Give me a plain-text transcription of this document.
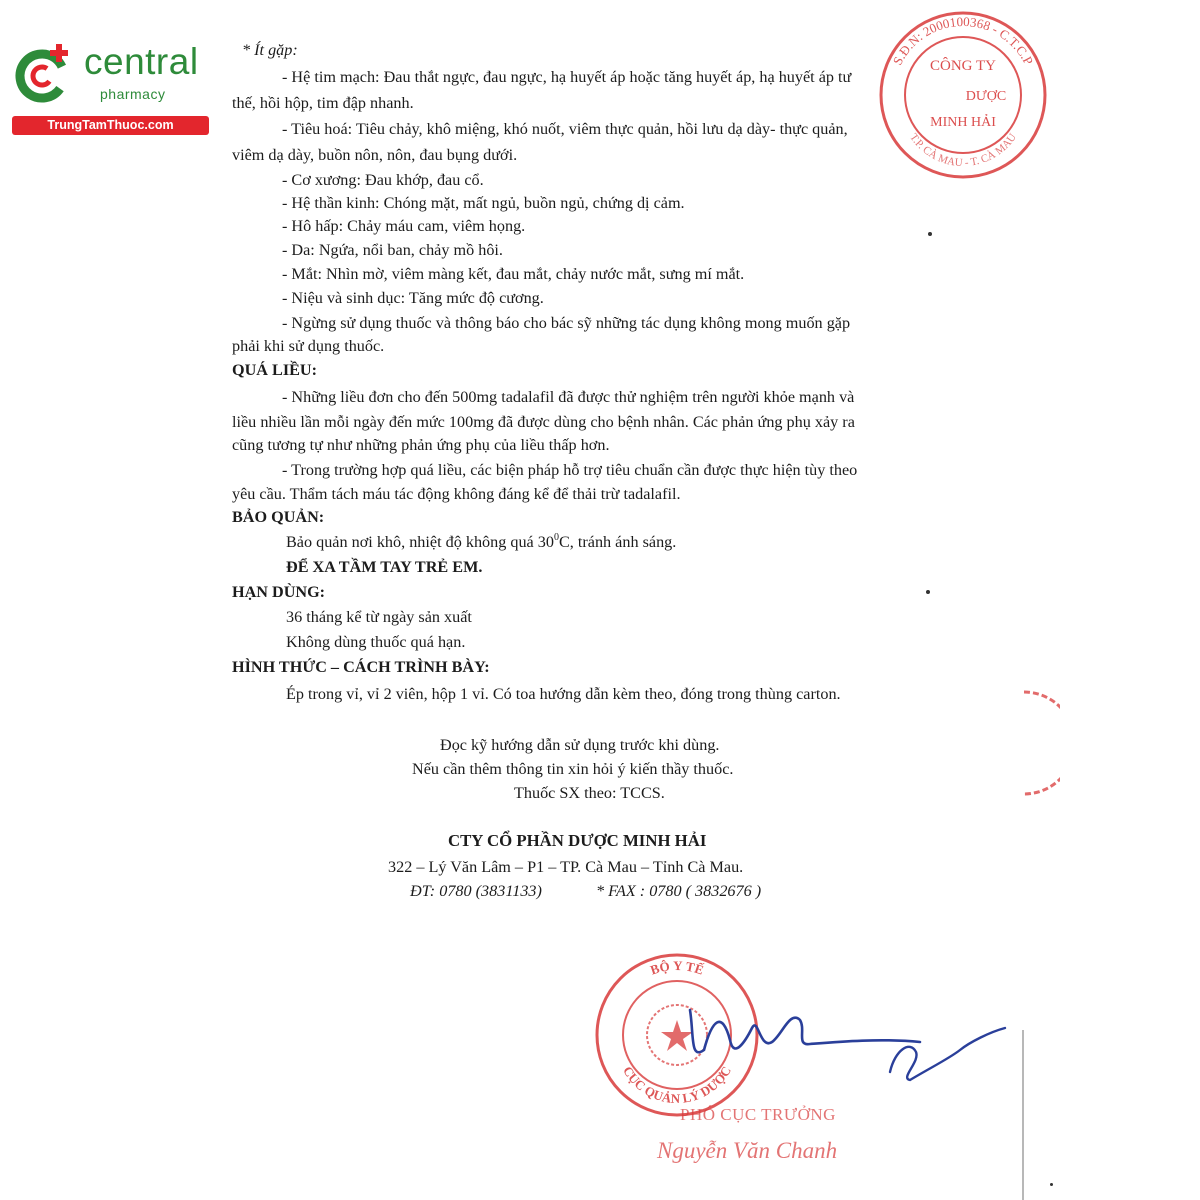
central
pharmacy
TrungTamThuoc.com
S.Đ.N: 2000100368 - C.T.C.P
T.P. CÀ MAU - T. CÀ MAU
CÔNG TY
DƯỢC
MINH HẢI
* Ít gặp:
- Hệ tim mạch: Đau thắt ngực, đau ngực, hạ huyết áp hoặc tăng huyết áp, hạ huyết áp tư
thế, hồi hộp, tim đập nhanh.
- Tiêu hoá: Tiêu chảy, khô miệng, khó nuốt, viêm thực quản, hồi lưu dạ dày- thực quản,
viêm dạ dày, buồn nôn, nôn, đau bụng dưới.
- Cơ xương: Đau khớp, đau cổ.
- Hệ thần kinh: Chóng mặt, mất ngủ, buồn ngủ, chứng dị cảm.
- Hô hấp: Chảy máu cam, viêm họng.
- Da: Ngứa, nổi ban, chảy mồ hôi.
- Mắt: Nhìn mờ, viêm màng kết, đau mắt, chảy nước mắt, sưng mí mắt.
- Niệu và sinh dục: Tăng mức độ cương.
- Ngừng sử dụng thuốc và thông báo cho bác sỹ những tác dụng không mong muốn gặp
phải khi sử dụng thuốc.
QUÁ LIỀU:
- Những liều đơn cho đến 500mg tadalafil đã được thử nghiệm trên người khỏe mạnh và
liều nhiều lần mỗi ngày đến mức 100mg đã được dùng cho bệnh nhân. Các phản ứng phụ xảy ra
cũng tương tự như những phản ứng phụ của liều thấp hơn.
- Trong trường hợp quá liều, các biện pháp hỗ trợ tiêu chuẩn cần được thực hiện tùy theo
yêu cầu. Thẩm tách máu tác động không đáng kể để thải trừ tadalafil.
BẢO QUẢN:
Bảo quản nơi khô, nhiệt độ không quá $30^0C$, tránh ánh sáng.
ĐỂ XA TẦM TAY TRẺ EM.
HẠN DÙNG:
36 tháng kể từ ngày sản xuất
Không dùng thuốc quá hạn.
HÌNH THỨC – CÁCH TRÌNH BÀY:
Ép trong vỉ, vỉ 2 viên, hộp 1 vỉ. Có toa hướng dẫn kèm theo, đóng trong thùng carton.
Đọc kỹ hướng dẫn sử dụng trước khi dùng.
Nếu cần thêm thông tin xin hỏi ý kiến thầy thuốc.
Thuốc SX theo: TCCS.
CTY CỔ PHẦN DƯỢC MINH HẢI
322 – Lý Văn Lâm – P1 – TP. Cà Mau – Tỉnh Cà Mau.
ĐT: 0780 (3831133)	* FAX : 0780 ( 3832676 )
BỘ Y TẾ
CỤC QUẢN LÝ DƯỢC
PHÓ CỤC TRƯỞNG
Nguyễn Văn Chanh
